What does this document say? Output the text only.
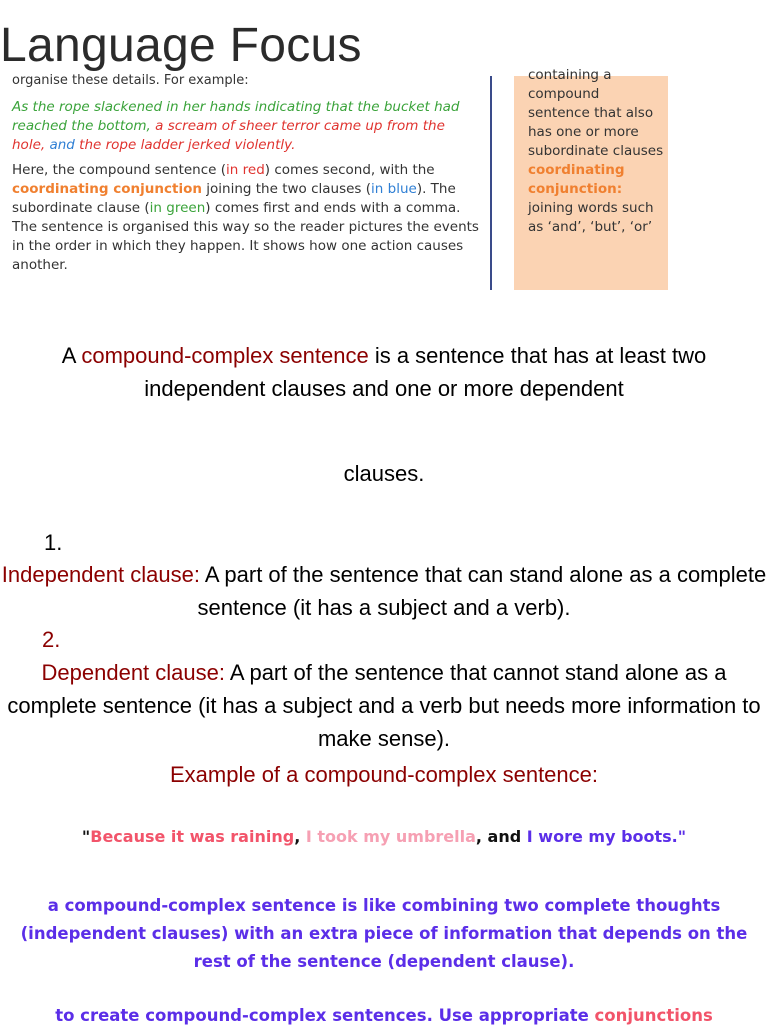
Language Focus
organise these details. For example:
As the rope slackened in her hands indicating that the bucket had reached the bottom, a scream of sheer terror came up from the hole, and the rope ladder jerked violently.
Here, the compound sentence (in red) comes second, with the coordinating conjunction joining the two clauses (in blue). The subordinate clause (in green) comes first and ends with a comma. The sentence is organised this way so the reader pictures the events in the order in which they happen. It shows how one action causes another.
containing a compound sentence that also has one or more subordinate clauses
coordinating conjunction:
joining words such as ‘and’, ‘but’, ‘or’
A compound-complex sentence is a sentence that has at least two independent clauses and one or more dependent
clauses.
1.
Independent clause: A part of the sentence that can stand alone as a complete sentence (it has a subject and a verb).
2.
Dependent clause: A part of the sentence that cannot stand alone as a complete sentence (it has a subject and a verb but needs more information to make sense).
Example of a compound-complex sentence:
"Because it was raining, I took my umbrella, and I wore my boots."
a compound-complex sentence is like combining two complete thoughts (independent clauses) with an extra piece of information that depends on the rest of the sentence (dependent clause).
to create compound-complex sentences. Use appropriate conjunctions
